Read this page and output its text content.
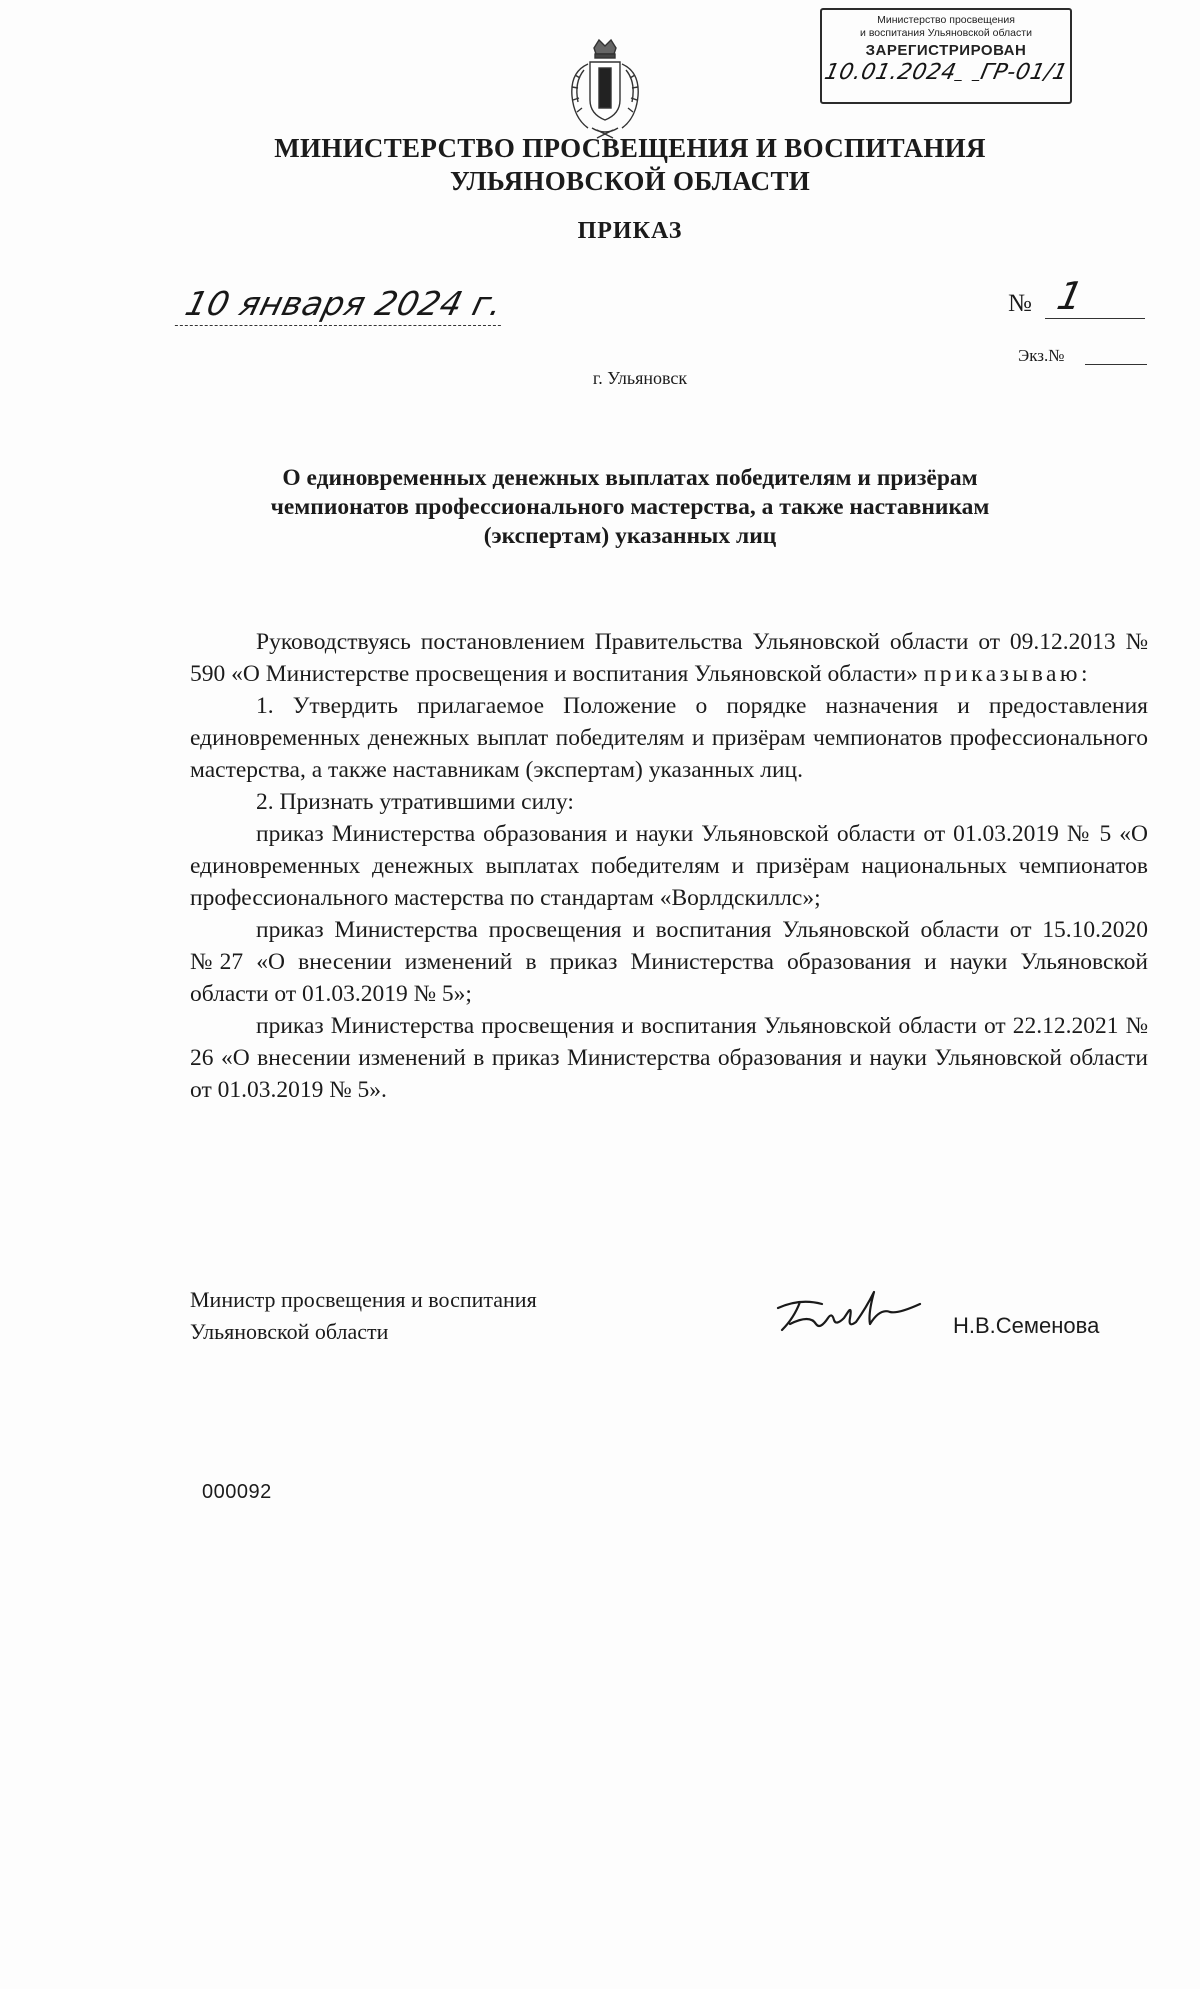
Министерство просвещения
и воспитания Ульяновской области
ЗАРЕГИСТРИРОВАН
10.01.2024 ГР-01/1
МИНИСТЕРСТВО ПРОСВЕЩЕНИЯ И ВОСПИТАНИЯ
УЛЬЯНОВСКОЙ ОБЛАСТИ
ПРИКАЗ
10 января 2024 г.	№ 1
Экз.№
г. Ульяновск
О единовременных денежных выплатах победителям и призёрам
чемпионатов профессионального мастерства, а также наставникам
(экспертам) указанных лиц

Руководствуясь постановлением Правительства Ульяновской области от 09.12.2013 № 590 «О Министерстве просвещения и воспитания Ульяновской области» приказываю:

1. Утвердить прилагаемое Положение о порядке назначения и предоставления единовременных денежных выплат победителям и призёрам чемпионатов профессионального мастерства, а также наставникам (экспертам) указанных лиц.

2. Признать утратившими силу:

приказ Министерства образования и науки Ульяновской области от 01.03.2019 № 5 «О единовременных денежных выплатах победителям и призёрам национальных чемпионатов профессионального мастерства по стандартам «Ворлдскиллс»;

приказ Министерства просвещения и воспитания Ульяновской области от 15.10.2020 №27 «О внесении изменений в приказ Министерства образования и науки Ульяновской области от 01.03.2019 № 5»;

приказ Министерства просвещения и воспитания Ульяновской области от 22.12.2021 № 26 «О внесении изменений в приказ Министерства образования и науки Ульяновской области от 01.03.2019 № 5».

Министр просвещения и воспитания
Ульяновской области	Н.В.Семенова
000092
